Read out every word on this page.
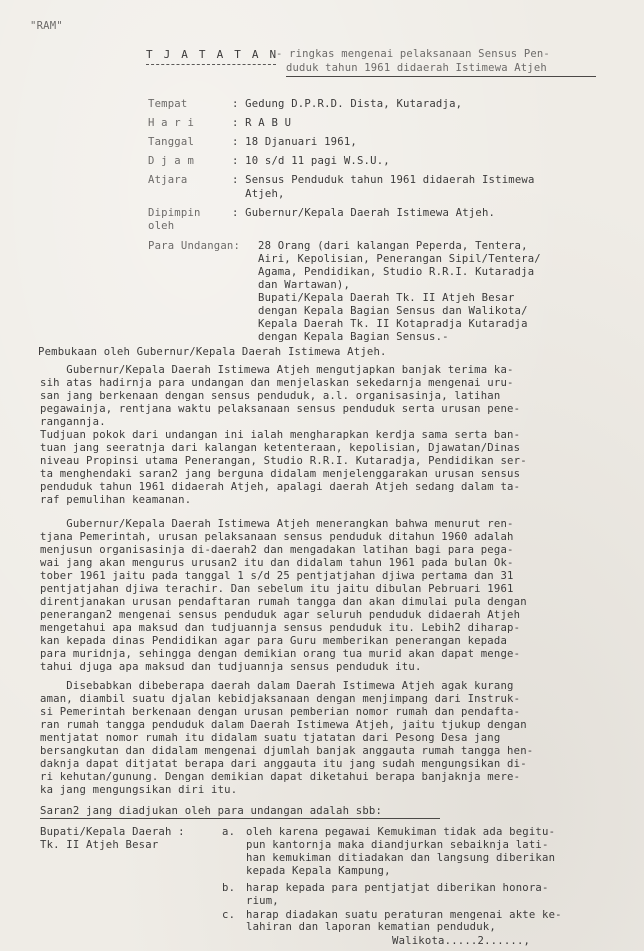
"RAM"
T J A T A T A N
- ringkas mengenai pelaksanaan Sensus Pen-
duduk tahun 1961 didaerah Istimewa Atjeh
Tempat	: Gedung D.P.R.D. Dista, Kutaradja,
H a r i	: R A B U
Tanggal	: 18 Djanuari 1961,
D j a m	: 10 s/d 11 pagi W.S.U.,
Atjara	: Sensus Penduduk tahun 1961 didaerah Istimewa
Atjeh,
Dipimpin	: Gubernur/Kepala Daerah Istimewa Atjeh.
oleh
Para Undangan: 28 Orang (dari kalangan Peperda, Tentera,
Airi, Kepolisian, Penerangan Sipil/Tentera/
Agama, Pendidikan, Studio R.R.I. Kutaradja
dan Wartawan),
Bupati/Kepala Daerah Tk. II Atjeh Besar
dengan Kepala Bagian Sensus dan Walikota/
Kepala Daerah Tk. II Kotapradja Kutaradja
dengan Kepala Bagian Sensus.-
Pembukaan oleh Gubernur/Kepala Daerah Istimewa Atjeh.
Gubernur/Kepala Daerah Istimewa Atjeh mengutjapkan banjak terima ka-
sih atas hadirnja para undangan dan menjelaskan sekedarnja mengenai uru-
san jang berkenaan dengan sensus penduduk, a.l. organisasinja, latihan
pegawainja, rentjana waktu pelaksanaan sensus penduduk serta urusan pene-
rangannja.
Tudjuan pokok dari undangan ini ialah mengharapkan kerdja sama serta ban-
tuan jang seeratnja dari kalangan ketenteraan, kepolisian, Djawatan/Dinas
niveau Propinsi utama Penerangan, Studio R.R.I. Kutaradja, Pendidikan ser-
ta menghendaki saran2 jang berguna didalam menjelenggarakan urusan sensus
penduduk tahun 1961 didaerah Atjeh, apalagi daerah Atjeh sedang dalam ta-
raf pemulihan keamanan.
Gubernur/Kepala Daerah Istimewa Atjeh menerangkan bahwa menurut ren-
tjana Pemerintah, urusan pelaksanaan sensus penduduk ditahun 1960 adalah
menjusun organisasinja di-daerah2 dan mengadakan latihan bagi para pega-
wai jang akan mengurus urusan2 itu dan didalam tahun 1961 pada bulan Ok-
tober 1961 jaitu pada tanggal 1 s/d 25 pentjatjahan djiwa pertama dan 31
pentjatjahan djiwa terachir. Dan sebelum itu jaitu dibulan Pebruari 1961
direntjanakan urusan pendaftaran rumah tangga dan akan dimulai pula dengan
penerangan2 mengenai sensus penduduk agar seluruh penduduk didaerah Atjeh
mengetahui apa maksud dan tudjuannja sensus penduduk itu. Lebih2 diharap-
kan kepada dinas Pendidikan agar para Guru memberikan penerangan kepada
para muridnja, sehingga dengan demikian orang tua murid akan dapat menge-
tahui djuga apa maksud dan tudjuannja sensus penduduk itu.
Disebabkan dibeberapa daerah dalam Daerah Istimewa Atjeh agak kurang
aman, diambil suatu djalan kebidjaksanaan dengan menjimpang dari Instruk-
si Pemerintah berkenaan dengan urusan pemberian nomor rumah dan pendafta-
ran rumah tangga penduduk dalam Daerah Istimewa Atjeh, jaitu tjukup dengan
mentjatat nomor rumah itu didalam suatu tjatatan dari Pesong Desa jang
bersangkutan dan didalam mengenai djumlah banjak anggauta rumah tangga hen-
daknja dapat ditjatat berapa dari anggauta itu jang sudah mengungsikan di-
ri kehutan/gunung. Dengan demikian dapat diketahui berapa banjaknja mere-
ka jang mengungsikan diri itu.
Saran2 jang diadjukan oleh para undangan adalah sbb:
Bupati/Kepala Daerah :
Tk. II Atjeh Besar
a. oleh karena pegawai Kemukiman tidak ada begitu-
pun kantornja maka diandjurkan sebaiknja lati-
han kemukiman ditiadakan dan langsung diberikan
kepada Kepala Kampung,
b. harap kepada para pentjatjat diberikan honora-
rium,
c. harap diadakan suatu peraturan mengenai akte ke-
lahiran dan laporan kematian penduduk,
Walikota.....2......,
